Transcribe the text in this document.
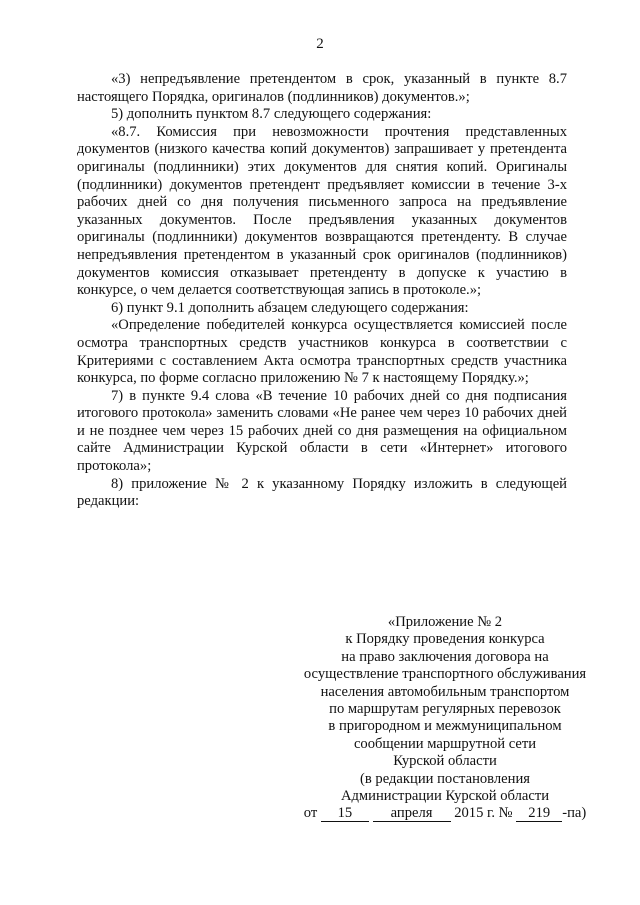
2

«3) непредъявление претендентом в срок, указанный в пункте 8.7 настоящего Порядка, оригиналов (подлинников) документов.»;

5) дополнить пунктом 8.7 следующего содержания:

«8.7. Комиссия при невозможности прочтения представленных документов (низкого качества копий документов) запрашивает у претендента оригиналы (подлинники) этих документов для снятия копий. Оригиналы (подлинники) документов претендент предъявляет комиссии в течение 3-х рабочих дней со дня получения письменного запроса на предъявление указанных документов. После предъявления указанных документов оригиналы (подлинники) документов возвращаются претенденту. В случае непредъявления претендентом в указанный срок оригиналов (подлинников) документов комиссия отказывает претенденту в допуске к участию в конкурсе, о чем делается соответствующая запись в протоколе.»;

6) пункт 9.1 дополнить абзацем следующего содержания:

«Определение победителей конкурса осуществляется комиссией после осмотра транспортных средств участников конкурса в соответствии с Критериями с составлением Акта осмотра транспортных средств участника конкурса, по форме согласно приложению № 7 к настоящему Порядку.»;

7) в пункте 9.4 слова «В течение 10 рабочих дней со дня подписания итогового протокола» заменить словами «Не ранее чем через 10 рабочих дней и не позднее чем через 15 рабочих дней со дня размещения на официальном сайте Администрации Курской области в сети «Интернет» итогового протокола»;

8) приложение № 2 к указанному Порядку изложить в следующей редакции:

«Приложение № 2
к Порядку проведения конкурса
на право заключения договора на
осуществление транспортного обслуживания
населения автомобильным транспортом
по маршрутам регулярных перевозок
в пригородном и межмуниципальном
сообщении маршрутной сети
Курской области
(в редакции постановления
Администрации Курской области
от 15	апреля 2015 г. № 219 -па)
